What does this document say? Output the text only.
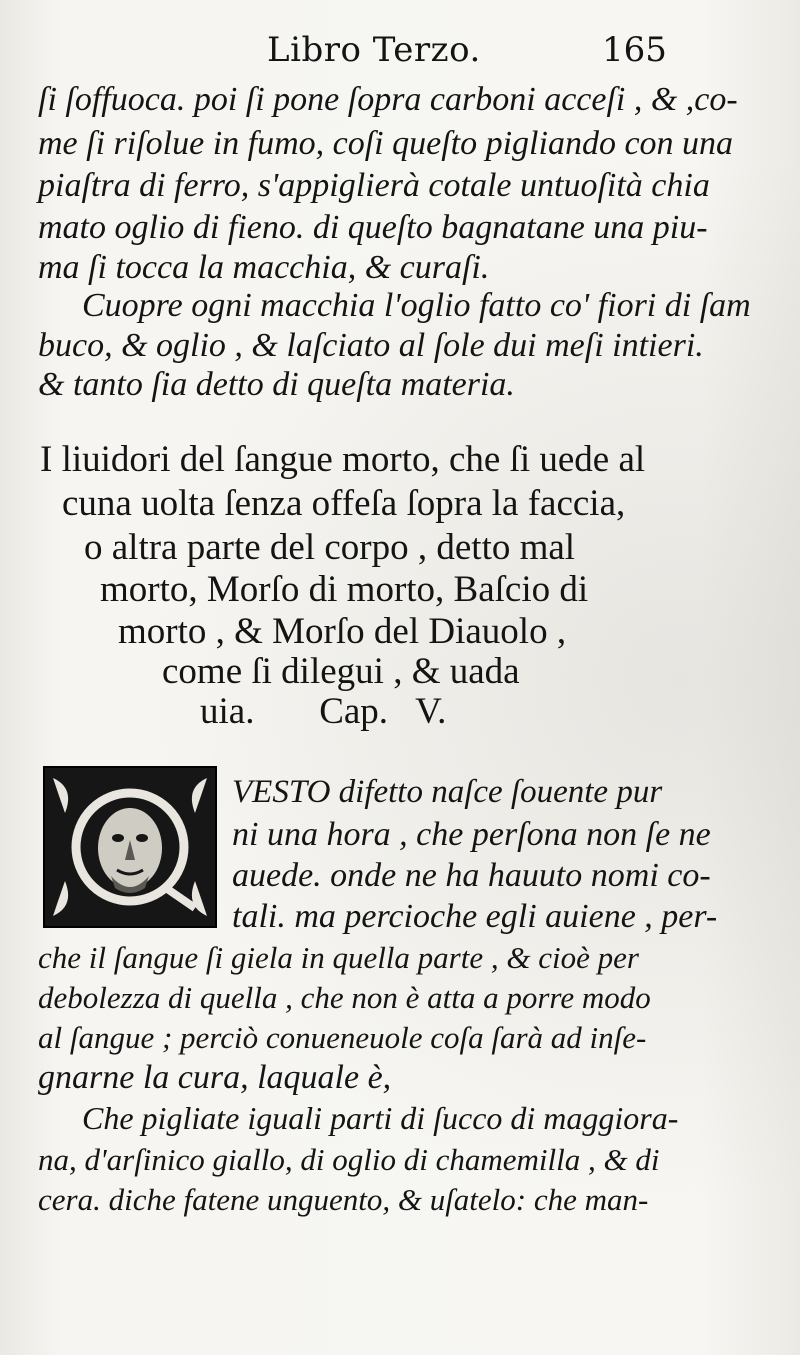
Libro Terzo.	165
ſi ſoffuoca. poi ſi pone ſopra carboni acceſi , & ,co-
me ſi riſolue in fumo, coſi queſto pigliando con una
piaſtra di ferro, s'appiglierà cotale untuoſità chia
mato oglio di fieno. di queſto bagnatane una piu-
ma ſi tocca la macchia, & curaſi.
Cuopre ogni macchia l'oglio fatto co' fiori di ſam
buco, & oglio , & laſciato al ſole dui meſi intieri.
& tanto ſia detto di queſta materia.
I liuidori del ſangue morto, che ſi uede al
cuna uolta ſenza offeſa ſopra la faccia,
o altra parte del corpo , detto mal
morto, Morſo di morto, Baſcio di
morto , & Morſo del Diauolo ,
come ſi dilegui , & uada
uia.       Cap.   V.
VESTO difetto naſce ſouente pur
ni una hora , che perſona non ſe ne
auede. onde ne ha hauuto nomi co-
tali. ma percioche egli auiene , per-
che il ſangue ſi giela in quella parte , & cioè per
debolezza di quella , che non è atta a porre modo
al ſangue ; perciò conueneuole coſa ſarà ad inſe-
gnarne la cura, laquale è,
Che pigliate iguali parti di ſucco di maggiora-
na, d'arſinico giallo, di oglio di chamemilla , & di
cera. diche fatene unguento, & uſatelo: che man-
